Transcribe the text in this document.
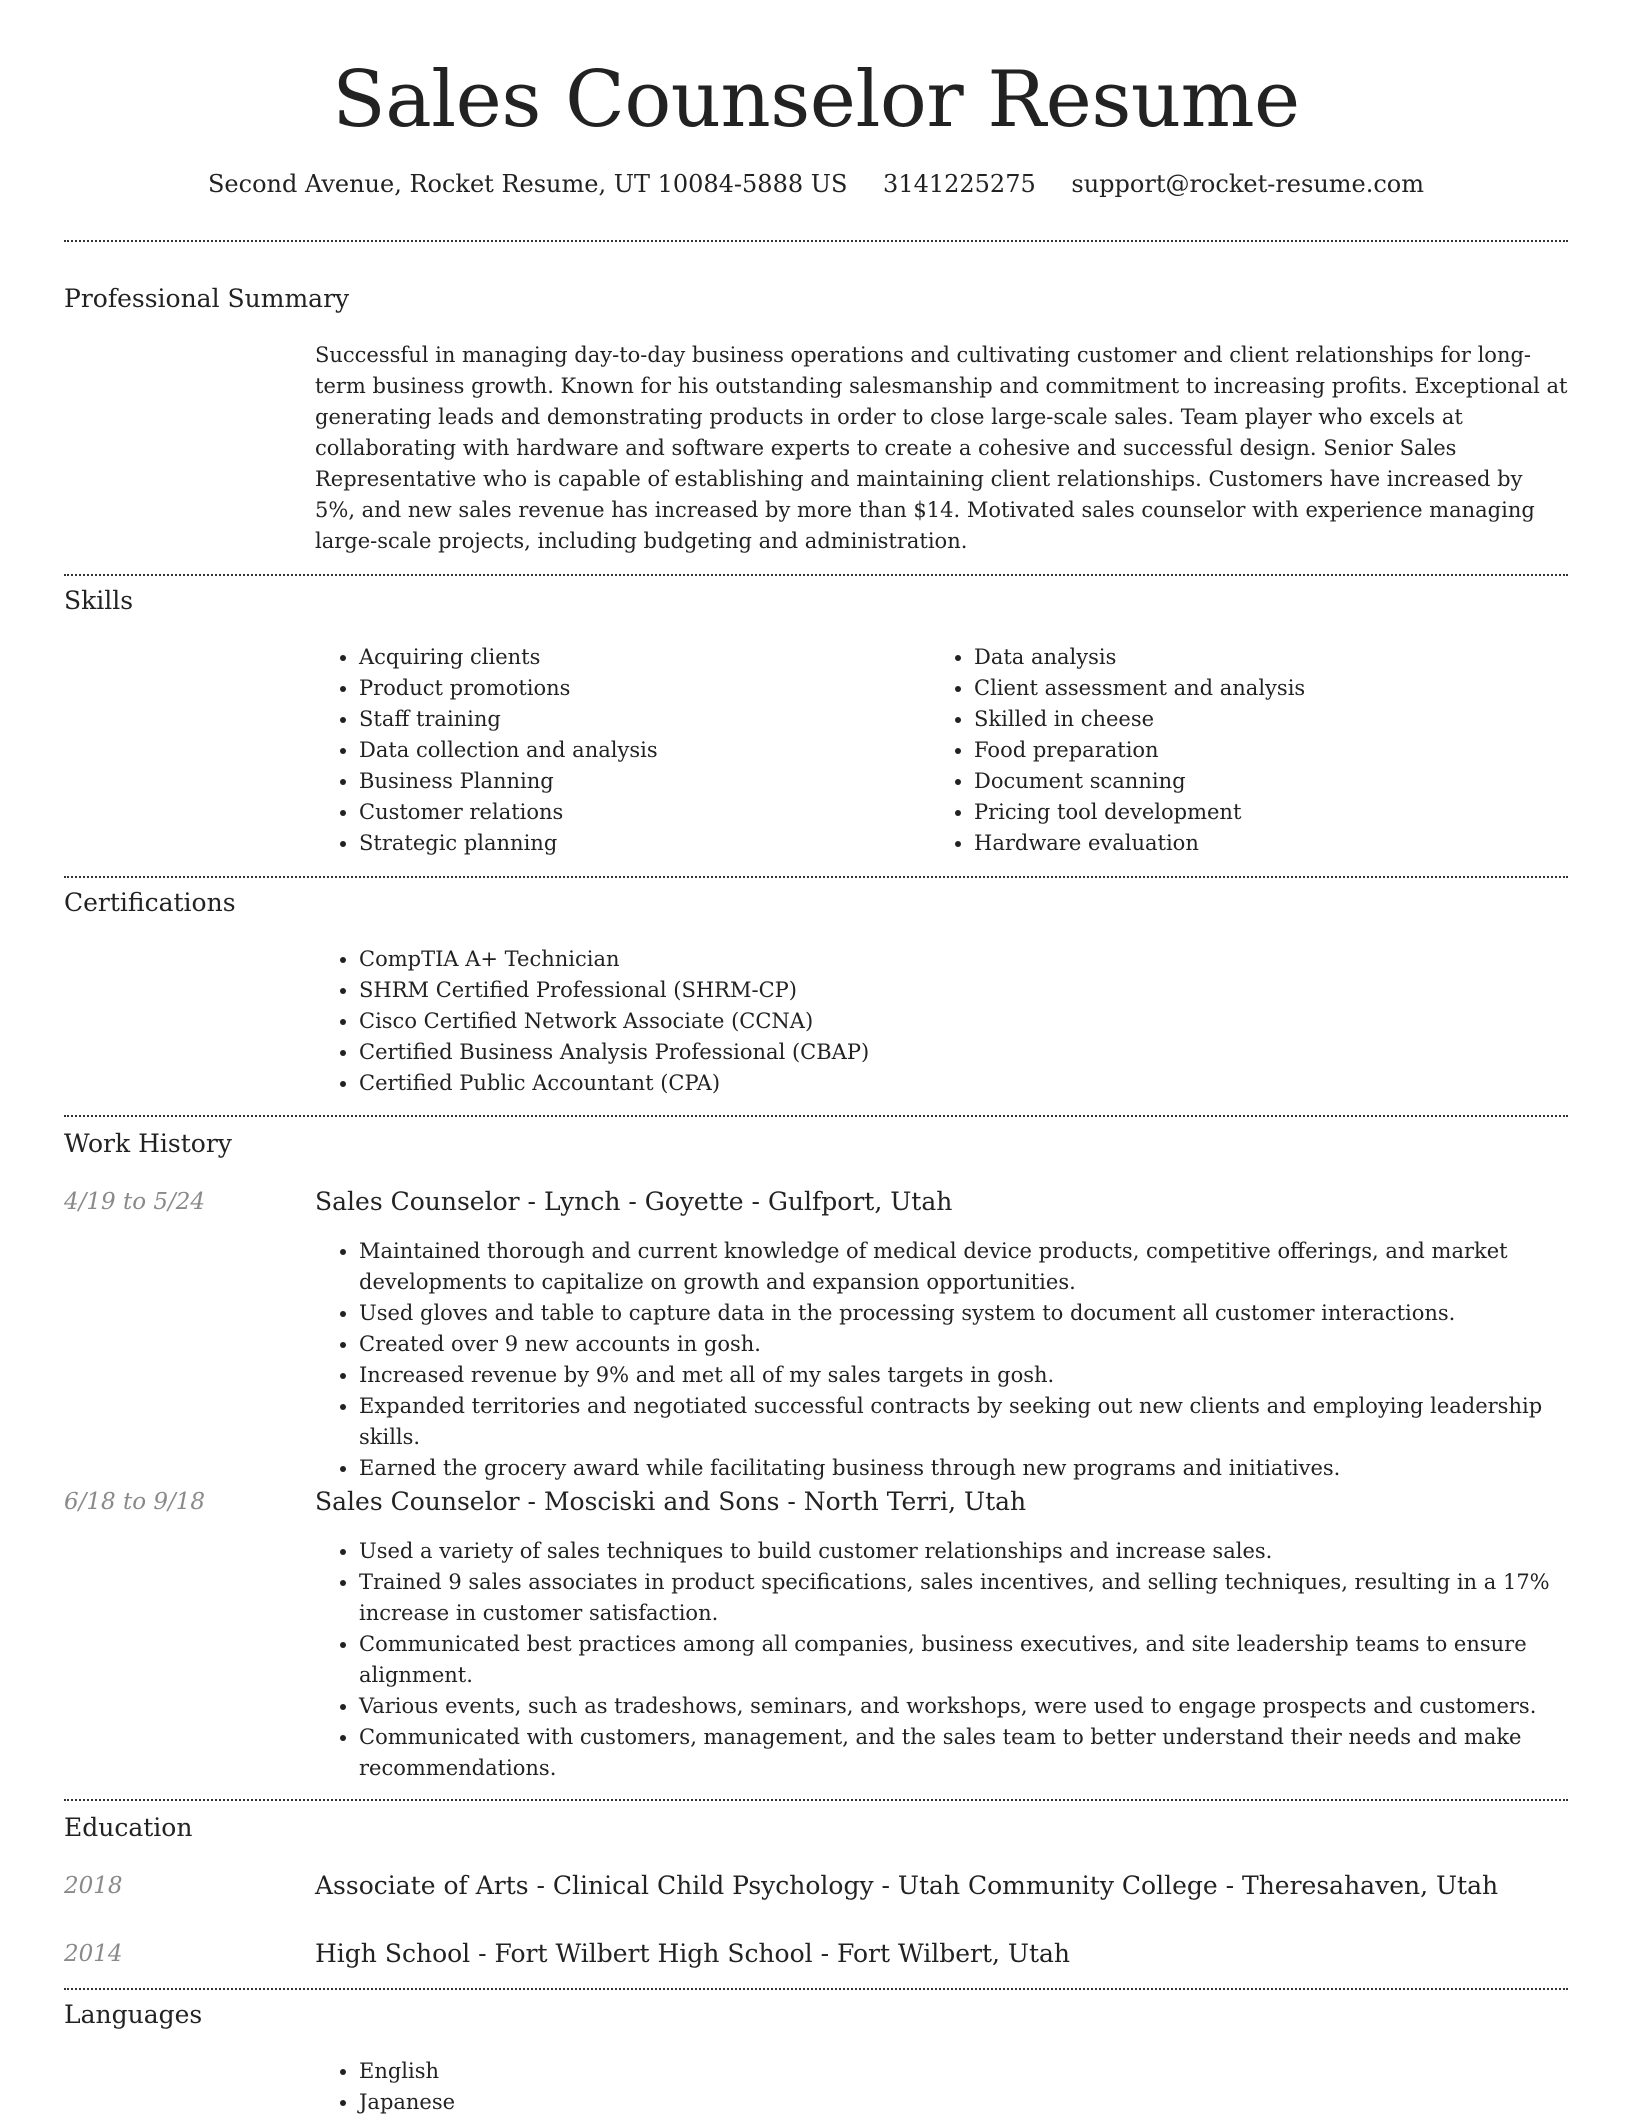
Sales Counselor Resume
Second Avenue, Rocket Resume, UT 10084-5888 US 3141225275 support@rocket-resume.com
Professional Summary

Successful in managing day-to-day business operations and cultivating customer and client relationships for long-term business growth. Known for his outstanding salesmanship and commitment to increasing profits. Exceptional at generating leads and demonstrating products in order to close large-scale sales. Team player who excels at collaborating with hardware and software experts to create a cohesive and successful design. Senior Sales Representative who is capable of establishing and maintaining client relationships. Customers have increased by 5%, and new sales revenue has increased by more than $14. Motivated sales counselor with experience managing large-scale projects, including budgeting and administration.

Skills
• Acquiring clients
• Product promotions
• Staff training
• Data collection and analysis
• Business Planning
• Customer relations
• Strategic planning
• Data analysis
• Client assessment and analysis
• Skilled in cheese
• Food preparation
• Document scanning
• Pricing tool development
• Hardware evaluation
Certifications
• CompTIA A+ Technician
• SHRM Certified Professional (SHRM-CP)
• Cisco Certified Network Associate (CCNA)
• Certified Business Analysis Professional (CBAP)
• Certified Public Accountant (CPA)
Work History
4/19 to 5/24	Sales Counselor - Lynch - Goyette - Gulfport, Utah
• Maintained thorough and current knowledge of medical device products, competitive offerings, and market developments to capitalize on growth and expansion opportunities.
• Used gloves and table to capture data in the processing system to document all customer interactions.
• Created over 9 new accounts in gosh.
• Increased revenue by 9% and met all of my sales targets in gosh.
• Expanded territories and negotiated successful contracts by seeking out new clients and employing leadership skills.
• Earned the grocery award while facilitating business through new programs and initiatives.
6/18 to 9/18	Sales Counselor - Mosciski and Sons - North Terri, Utah
• Used a variety of sales techniques to build customer relationships and increase sales.
• Trained 9 sales associates in product specifications, sales incentives, and selling techniques, resulting in a 17% increase in customer satisfaction.
• Communicated best practices among all companies, business executives, and site leadership teams to ensure alignment.
• Various events, such as tradeshows, seminars, and workshops, were used to engage prospects and customers.
• Communicated with customers, management, and the sales team to better understand their needs and make recommendations.
Education
2018	Associate of Arts - Clinical Child Psychology - Utah Community College - Theresahaven, Utah
2014	High School - Fort Wilbert High School - Fort Wilbert, Utah
Languages
• English
• Japanese
